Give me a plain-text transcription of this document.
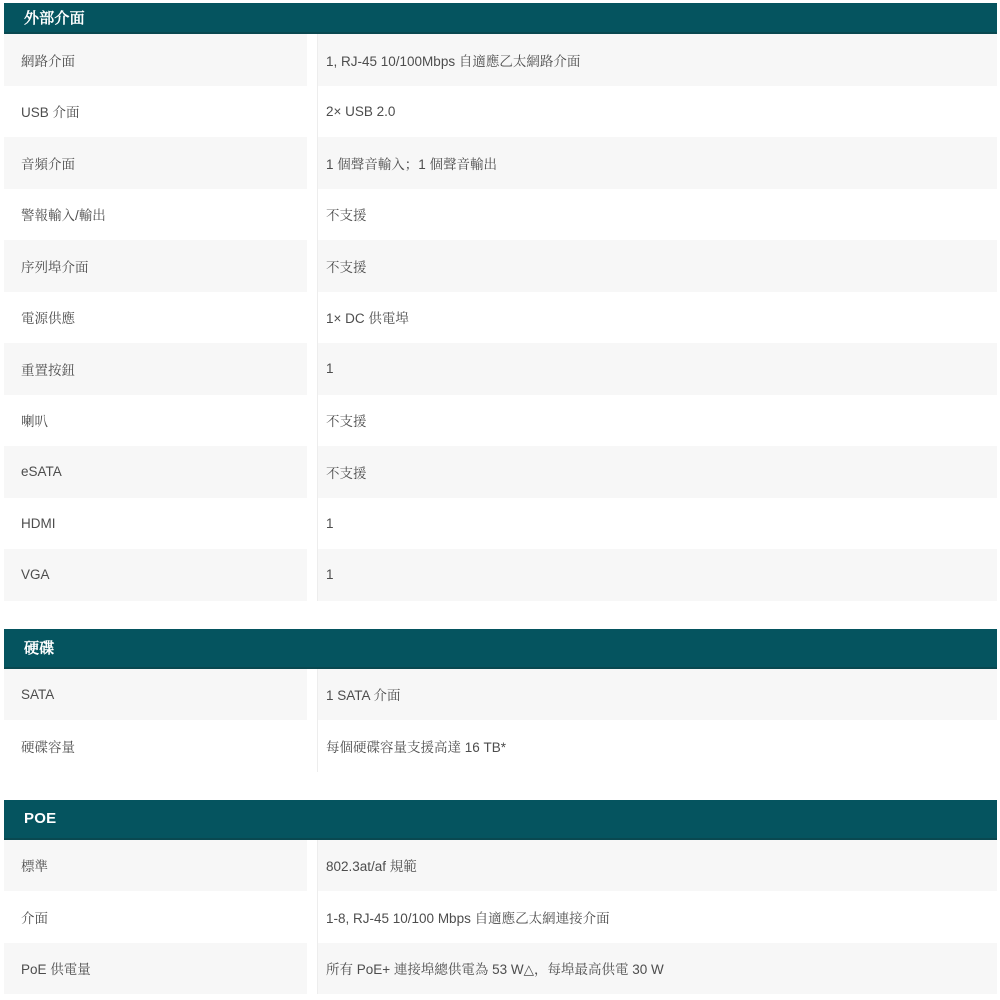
外部介面
網路介面	1, RJ-45 10/100Mbps 自適應乙太網路介面
USB 介面	2× USB 2.0
音頻介面	1 個聲音輸入；1 個聲音輸出
警報輸入/輸出	不支援
序列埠介面	不支援
電源供應	1× DC 供電埠
重置按鈕	1
喇叭	不支援
eSATA	不支援
HDMI	1
VGA	1
硬碟
SATA	1 SATA 介面
硬碟容量	每個硬碟容量支援高達 16 TB*
POE
標準	802.3at/af 規範
介面	1-8, RJ-45 10/100 Mbps 自適應乙太網連接介面
PoE 供電量	所有 PoE+ 連接埠總供電為 53 W△，每埠最高供電 30 W
